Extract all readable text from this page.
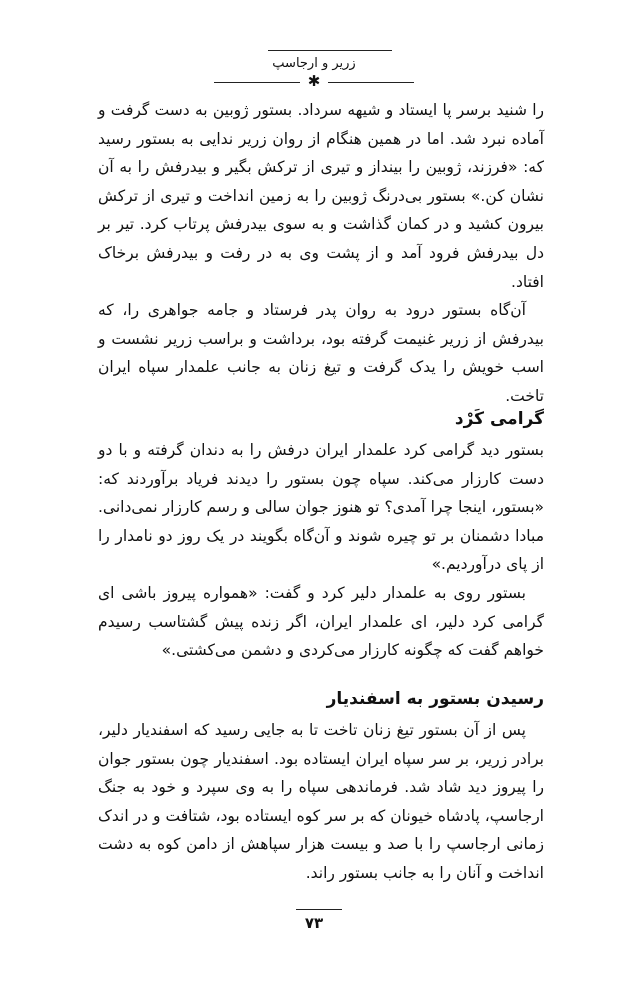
زریر و ارجاسپ
✱

را شنید برسر پا ایستاد و شیهه سرداد. بستور ژوبین به دست گرفت و آماده نبرد شد. اما در همین هنگام از روان زریر ندایی به بستور رسید که: «فرزند، ژوبین را بینداز و تیری از ترکش بگیر و بیدرفش را به آن نشان کن.» بستور بی‌درنگ ژوبین را به زمین انداخت و تیری از ترکش بیرون کشید و در کمان گذاشت و به سوی بیدرفش پرتاب کرد. تیر بر دل بیدرفش فرود آمد و از پشت وی به در رفت و بیدرفش برخاک افتاد.

آن‌گاه بستور درود به روان پدر فرستاد و جامه جواهری را، که بیدرفش از زریر غنیمت گرفته بود، برداشت و براسب زریر نشست و اسب خویش را یدک گرفت و تیغ زنان به جانب علمدار سپاه ایران تاخت.

گرامی کَرْد

بستور دید گرامی کرد علمدار ایران درفش را به دندان گرفته و با دو دست کارزار می‌کند. سپاه چون بستور را دیدند فریاد برآوردند که: «بستور، اینجا چرا آمدی؟ تو هنوز جوان سالی و رسم کارزار نمی‌دانی. مبادا دشمنان بر تو چیره شوند و آن‌گاه بگویند در یک روز دو نامدار را از پای درآوردیم.»

بستور روی به علمدار دلیر کرد و گفت: «همواره پیروز باشی ای گرامی کرد دلیر، ای علمدار ایران، اگر زنده پیش گشتاسب رسیدم خواهم گفت که چگونه کارزار می‌کردی و دشمن می‌کشتی.»

رسیدن بستور به اسفندیار

پس از آن بستور تیغ زنان تاخت تا به جایی رسید که اسفندیار دلیر، برادر زریر، بر سر سپاه ایران ایستاده بود. اسفندیار چون بستور جوان را پیروز دید شاد شد. فرماندهی سپاه را به وی سپرد و خود به جنگ ارجاسپ، پادشاه خیونان که بر سر کوه ایستاده بود، شتافت و در اندک زمانی ارجاسپ را با صد و بیست هزار سپاهش از دامن کوه به دشت انداخت و آنان را به جانب بستور راند.

۷۳
